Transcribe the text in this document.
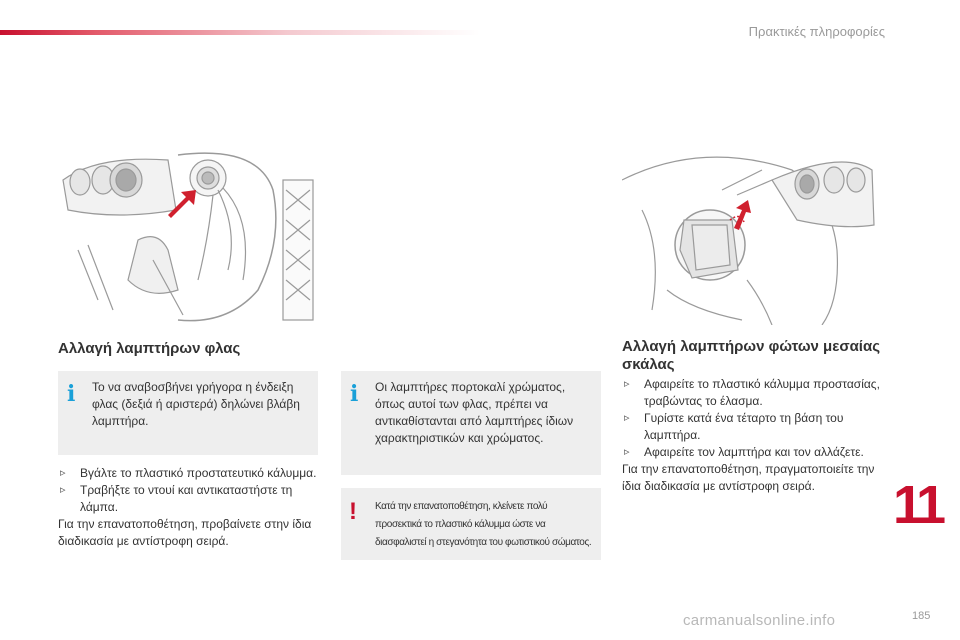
Πρακτικές πληροφορίες
Αλλαγή λαμπτήρων φλας
i Το να αναβοσβήνει γρήγορα η ένδειξη φλας (δεξιά ή αριστερά) δηλώνει βλάβη λαμπτήρα.
▹ Βγάλτε το πλαστικό προστατευτικό κάλυμμα.
▹ Τραβήξτε το ντουί και αντικαταστήστε τη λάμπα.
Για την επανατοποθέτηση, προβαίνετε στην ίδια διαδικασία με αντίστροφη σειρά.
i Οι λαμπτήρες πορτοκαλί χρώματος, όπως αυτοί των φλας, πρέπει να αντικαθίστανται από λαμπτήρες ίδιων χαρακτηριστικών και χρώματος.
! Κατά την επανατοποθέτηση, κλείνετε πολύ προσεκτικά το πλαστικό κάλυμμα ώστε να διασφαλιστεί η στεγανότητα του φωτιστικού σώματος.
Αλλαγή λαμπτήρων φώτων μεσαίας σκάλας
▹ Αφαιρείτε το πλαστικό κάλυμμα προστασίας, τραβώντας το έλασμα.
▹ Γυρίστε κατά ένα τέταρτο τη βάση του λαμπτήρα.
▹ Αφαιρείτε τον λαμπτήρα και τον αλλάζετε.
Για την επανατοποθέτηση, πραγματοποιείτε την ίδια διαδικασία με αντίστροφη σειρά.	11
carmanualsonline.info	185
